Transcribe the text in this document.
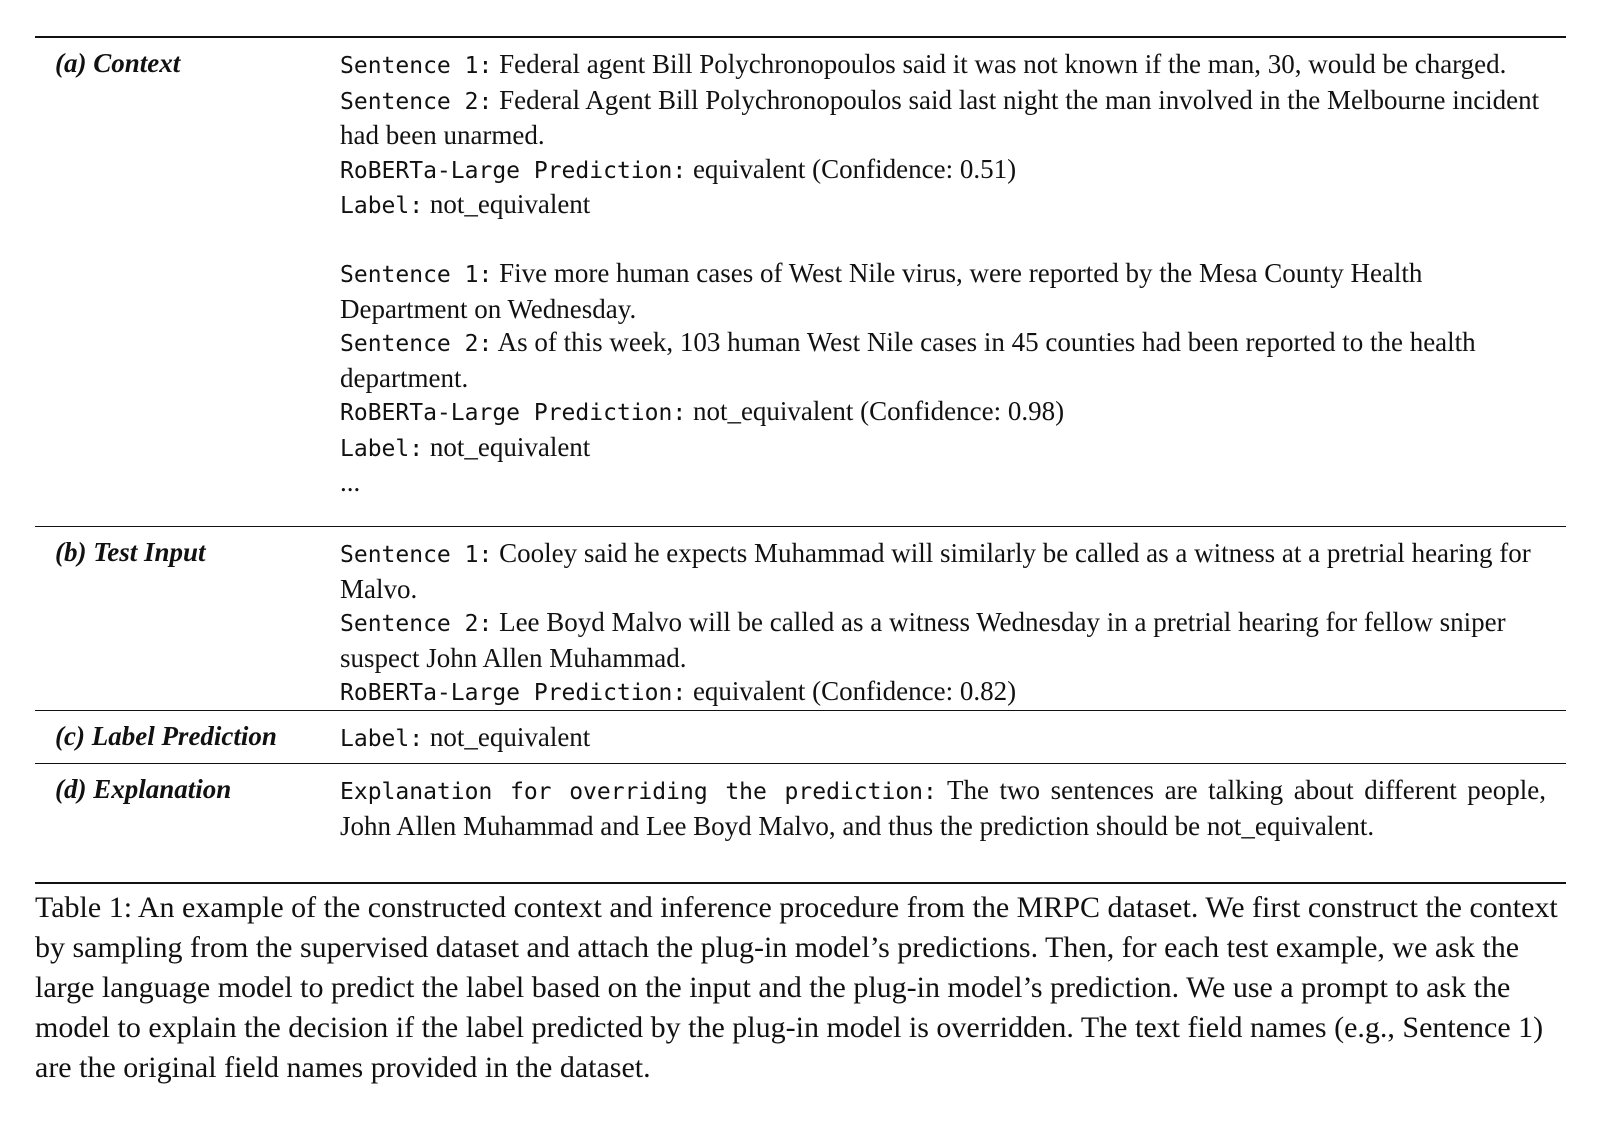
(a) Context	Sentence 1: Federal agent Bill Polychronopoulos said it was not known if the man, 30, would be charged.
Sentence 2: Federal Agent Bill Polychronopoulos said last night the man involved in the Melbourne incident had been unarmed.
RoBERTa-Large Prediction: equivalent (Confidence: 0.51)
Label: not_equivalent
Sentence 1: Five more human cases of West Nile virus, were reported by the Mesa County Health Department on Wednesday.
Sentence 2: As of this week, 103 human West Nile cases in 45 counties had been reported to the health department.
RoBERTa-Large Prediction: not_equivalent (Confidence: 0.98)
Label: not_equivalent
...
(b) Test Input	Sentence 1: Cooley said he expects Muhammad will similarly be called as a witness at a pretrial hearing for Malvo.
Sentence 2: Lee Boyd Malvo will be called as a witness Wednesday in a pretrial hearing for fellow sniper suspect John Allen Muhammad.
RoBERTa-Large Prediction: equivalent (Confidence: 0.82)
(c) Label Prediction	Label: not_equivalent
(d) Explanation	Explanation for overriding the prediction: The two sentences are talking about different people, John Allen Muhammad and Lee Boyd Malvo, and thus the prediction should be not_equivalent.
Table 1: An example of the constructed context and inference procedure from the MRPC dataset. We first construct the context by sampling from the supervised dataset and attach the plug-in model’s predictions. Then, for each test example, we ask the large language model to predict the label based on the input and the plug-in model’s prediction. We use a prompt to ask the model to explain the decision if the label predicted by the plug-in model is overridden. The text field names (e.g., Sentence 1) are the original field names provided in the dataset.
